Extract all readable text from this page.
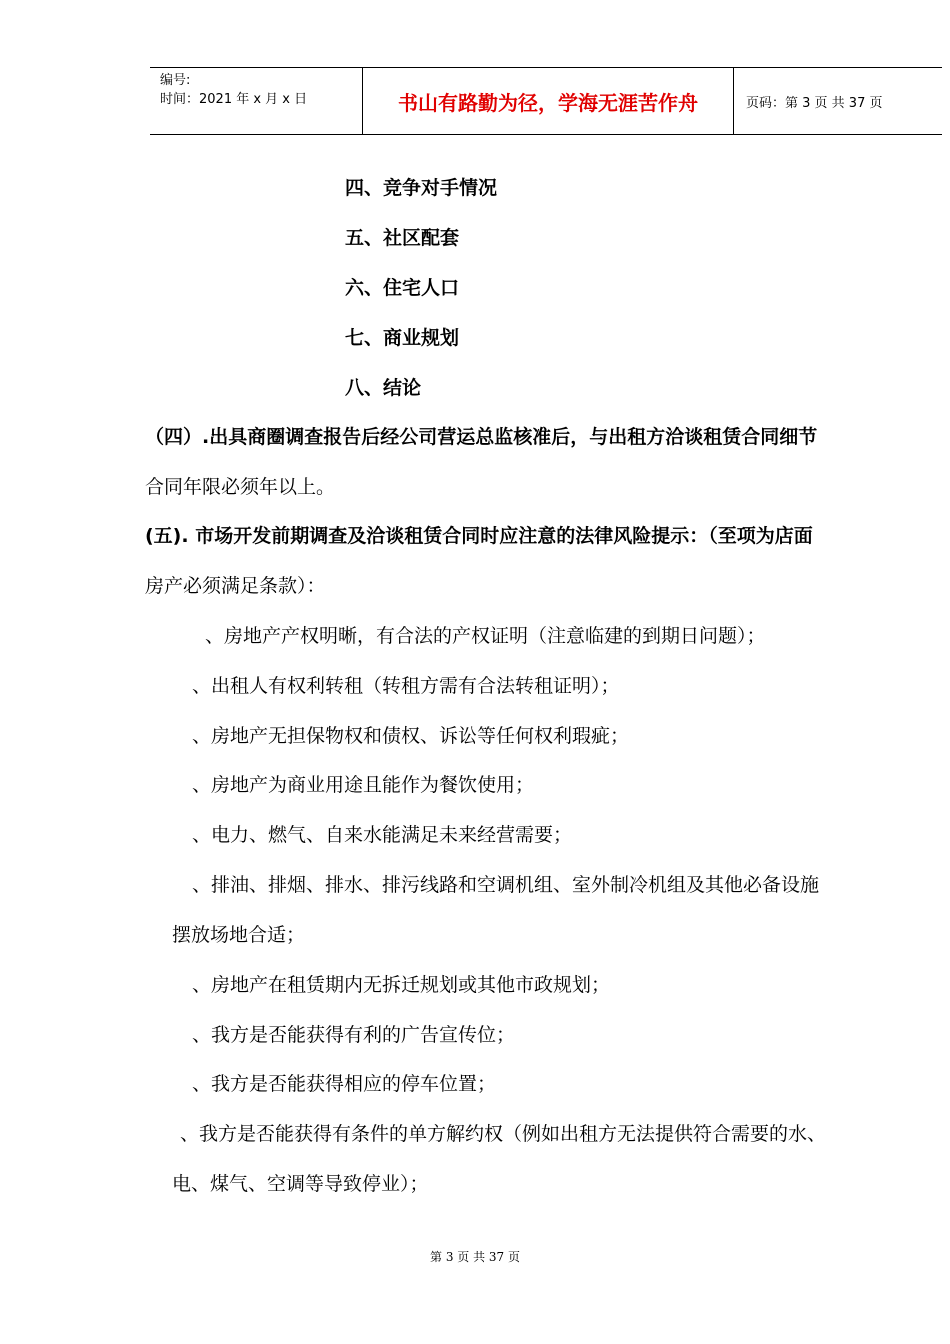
编号:
时间：2021 年 x 月 x 日	书山有路勤为径，学海无涯苦作舟	页码：第 3 页 共 37 页
四、竞争对手情况
五、社区配套
六、住宅人口
七、商业规划
八、结论
（四）.出具商圈调查报告后经公司营运总监核准后，与出租方洽谈租赁合同细节
合同年限必须年以上。
(五). 市场开发前期调查及洽谈租赁合同时应注意的法律风险提示：（至项为店面
房产必须满足条款）：
、房地产产权明晰，有合法的产权证明（注意临建的到期日问题）；
、出租人有权利转租（转租方需有合法转租证明）；
、房地产无担保物权和债权、诉讼等任何权利瑕疵；
、房地产为商业用途且能作为餐饮使用；
、电力、燃气、自来水能满足未来经营需要；
、排油、排烟、排水、排污线路和空调机组、室外制冷机组及其他必备设施
摆放场地合适；
、房地产在租赁期内无拆迁规划或其他市政规划；
、我方是否能获得有利的广告宣传位；
、我方是否能获得相应的停车位置；
、我方是否能获得有条件的单方解约权（例如出租方无法提供符合需要的水、
电、煤气、空调等导致停业）；
第 3 页 共 37 页
